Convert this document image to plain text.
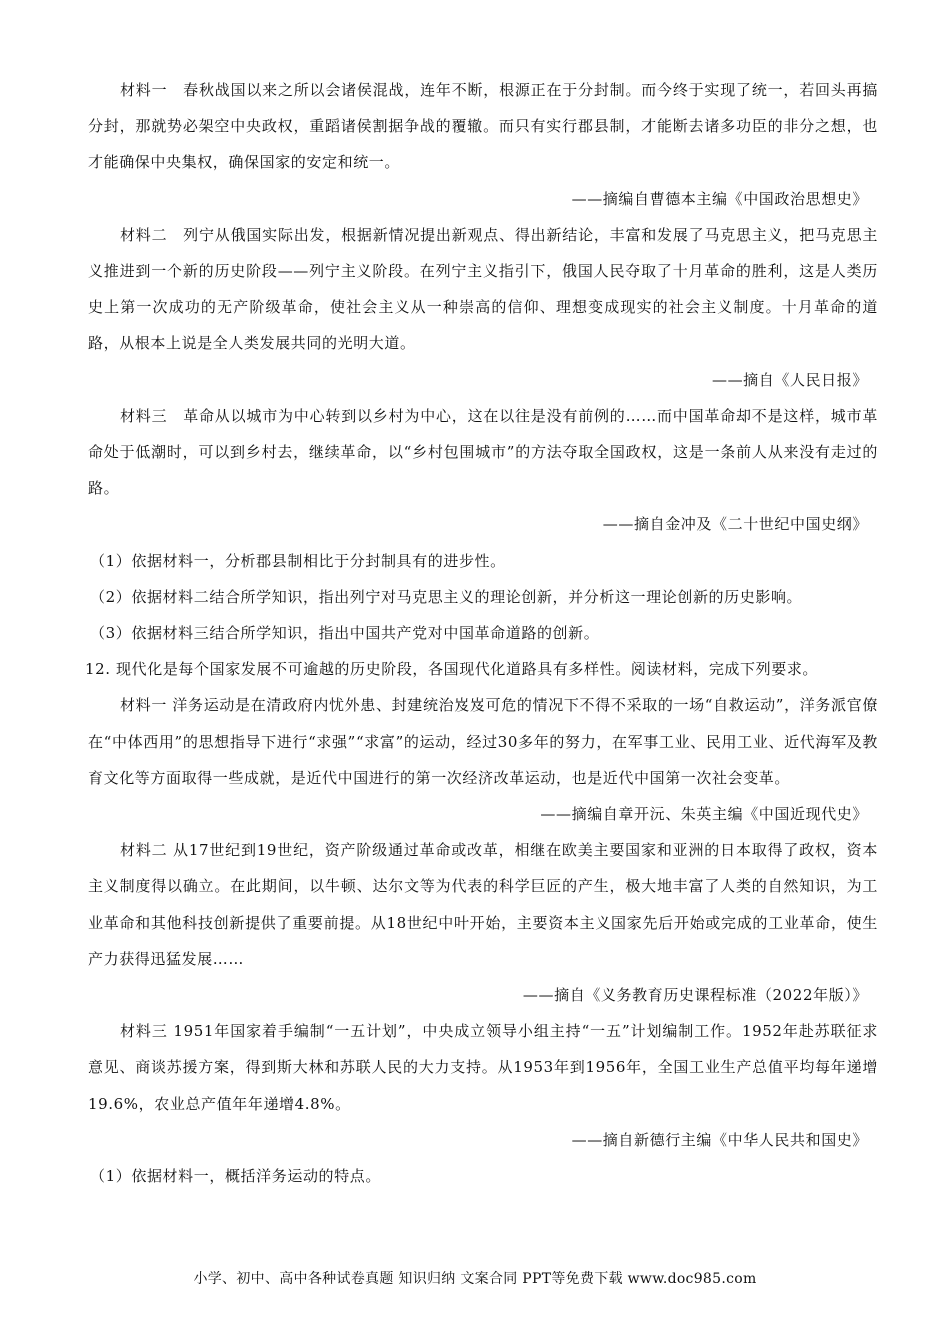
材料一　春秋战国以来之所以会诸侯混战，连年不断，根源正在于分封制。而今终于实现了统一，若回头再搞分封，那就势必架空中央政权，重蹈诸侯割据争战的覆辙。而只有实行郡县制，才能断去诸多功臣的非分之想，也才能确保中央集权，确保国家的安定和统一。

——摘编自曹德本主编《中国政治思想史》

材料二　列宁从俄国实际出发，根据新情况提出新观点、得出新结论，丰富和发展了马克思主义，把马克思主义推进到一个新的历史阶段——列宁主义阶段。在列宁主义指引下，俄国人民夺取了十月革命的胜利，这是人类历史上第一次成功的无产阶级革命，使社会主义从一种崇高的信仰、理想变成现实的社会主义制度。十月革命的道路，从根本上说是全人类发展共同的光明大道。

——摘自《人民日报》

材料三　革命从以城市为中心转到以乡村为中心，这在以往是没有前例的……而中国革命却不是这样，城市革命处于低潮时，可以到乡村去，继续革命，以“乡村包围城市”的方法夺取全国政权，这是一条前人从来没有走过的路。

——摘自金冲及《二十世纪中国史纲》

（1）依据材料一，分析郡县制相比于分封制具有的进步性。

（2）依据材料二结合所学知识，指出列宁对马克思主义的理论创新，并分析这一理论创新的历史影响。

（3）依据材料三结合所学知识，指出中国共产党对中国革命道路的创新。

12. 现代化是每个国家发展不可逾越的历史阶段，各国现代化道路具有多样性。阅读材料，完成下列要求。

材料一 洋务运动是在清政府内忧外患、封建统治岌岌可危的情况下不得不采取的一场“自救运动”，洋务派官僚在“中体西用”的思想指导下进行“求强”“求富”的运动，经过30多年的努力，在军事工业、民用工业、近代海军及教育文化等方面取得一些成就，是近代中国进行的第一次经济改革运动，也是近代中国第一次社会变革。

——摘编自章开沅、朱英主编《中国近现代史》

材料二 从17世纪到19世纪，资产阶级通过革命或改革，相继在欧美主要国家和亚洲的日本取得了政权，资本主义制度得以确立。在此期间，以牛顿、达尔文等为代表的科学巨匠的产生，极大地丰富了人类的自然知识，为工业革命和其他科技创新提供了重要前提。从18世纪中叶开始，主要资本主义国家先后开始或完成的工业革命，使生产力获得迅猛发展……

——摘自《义务教育历史课程标准（2022年版）》

材料三 1951年国家着手编制“一五计划”，中央成立领导小组主持“一五”计划编制工作。1952年赴苏联征求意见、商谈苏援方案，得到斯大林和苏联人民的大力支持。从1953年到1956年，全国工业生产总值平均每年递增19.6%，农业总产值年年递增4.8%。

——摘自新德行主编《中华人民共和国史》

（1）依据材料一，概括洋务运动的特点。

小学、初中、高中各种试卷真题 知识归纳 文案合同 PPT等免费下载 www.doc985.com
